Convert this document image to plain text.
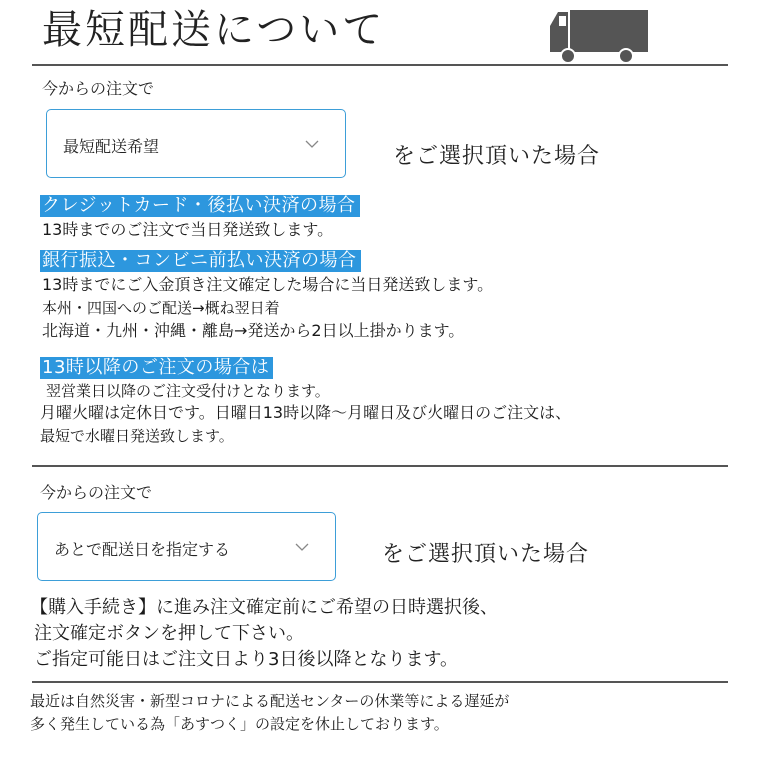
最短配送について
今からの注文で
最短配送希望	をご選択頂いた場合
クレジットカード・後払い決済の場合
13時までのご注文で当日発送致します。
銀行振込・コンビニ前払い決済の場合
13時までにご入金頂き注文確定した場合に当日発送致します。
本州・四国へのご配送→概ね翌日着
北海道・九州・沖縄・離島→発送から2日以上掛かります。
13時以降のご注文の場合は
翌営業日以降のご注文受付けとなります。
月曜火曜は定休日です。日曜日13時以降～月曜日及び火曜日のご注文は、
最短で水曜日発送致します。
今からの注文で
あとで配送日を指定する	をご選択頂いた場合
【購入手続き】に進み注文確定前にご希望の日時選択後、
注文確定ボタンを押して下さい。
ご指定可能日はご注文日より3日後以降となります。
最近は自然災害・新型コロナによる配送センターの休業等による遅延が
多く発生している為「あすつく」の設定を休止しております。
